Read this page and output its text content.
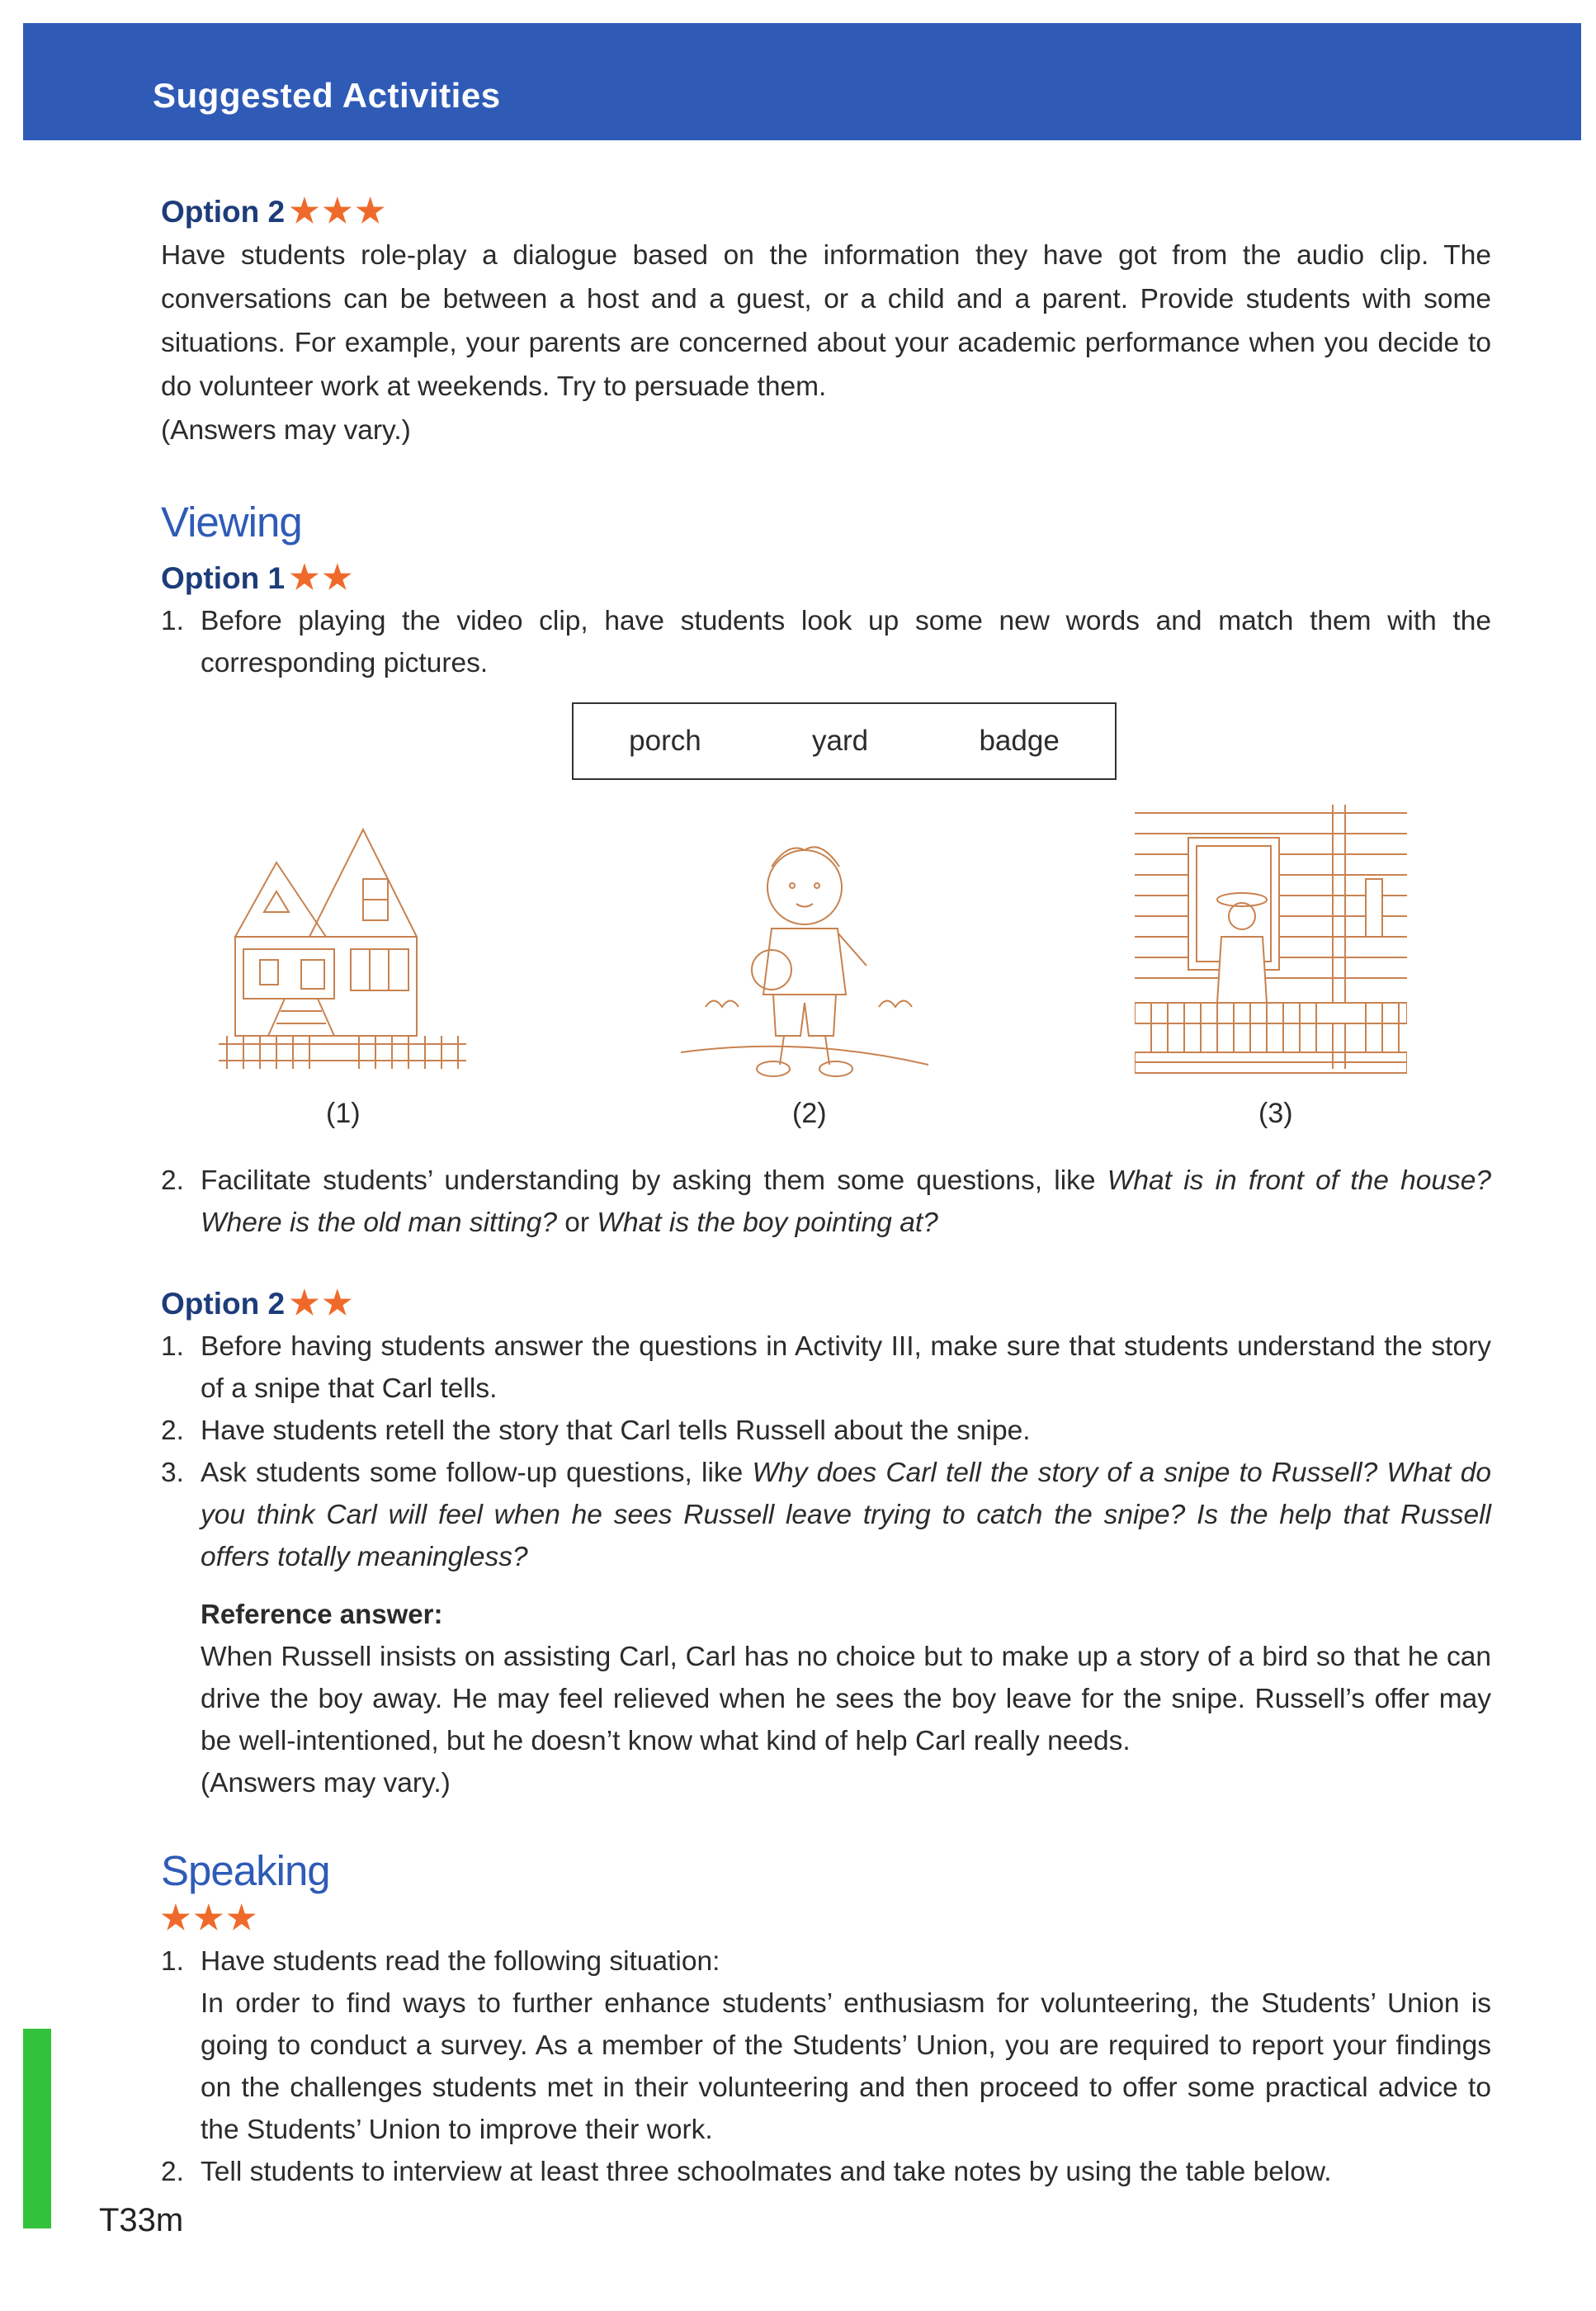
Suggested Activities

Option 2 ★★★

Have students role-play a dialogue based on the information they have got from the audio clip. The conversations can be between a host and a guest, or a child and a parent. Provide students with some situations. For example, your parents are concerned about your academic performance when you decide to do volunteer work at weekends. Try to persuade them.

(Answers may vary.)

Viewing

Option 1 ★★

1. Before playing the video clip, have students look up some new words and match them with the corresponding pictures.
porch	yard	badge
(1)	(2)	(3)
2. Facilitate students’ understanding by asking them some questions, like What is in front of the house? Where is the old man sitting? or What is the boy pointing at?

Option 2 ★★

1. Before having students answer the questions in Activity III, make sure that students understand the story of a snipe that Carl tells.
2. Have students retell the story that Carl tells Russell about the snipe.
3. Ask students some follow-up questions, like Why does Carl tell the story of a snipe to Russell? What do you think Carl will feel when he sees Russell leave trying to catch the snipe? Is the help that Russell offers totally meaningless?

Reference answer:

When Russell insists on assisting Carl, Carl has no choice but to make up a story of a bird so that he can drive the boy away. He may feel relieved when he sees the boy leave for the snipe. Russell’s offer may be well-intentioned, but he doesn’t know what kind of help Carl really needs.

(Answers may vary.)

Speaking

★★★

1. Have students read the following situation:
In order to find ways to further enhance students’ enthusiasm for volunteering, the Students’ Union is going to conduct a survey. As a member of the Students’ Union, you are required to report your findings on the challenges students met in their volunteering and then proceed to offer some practical advice to the Students’ Union to improve their work.
2. Tell students to interview at least three schoolmates and take notes by using the table below.
T33m
